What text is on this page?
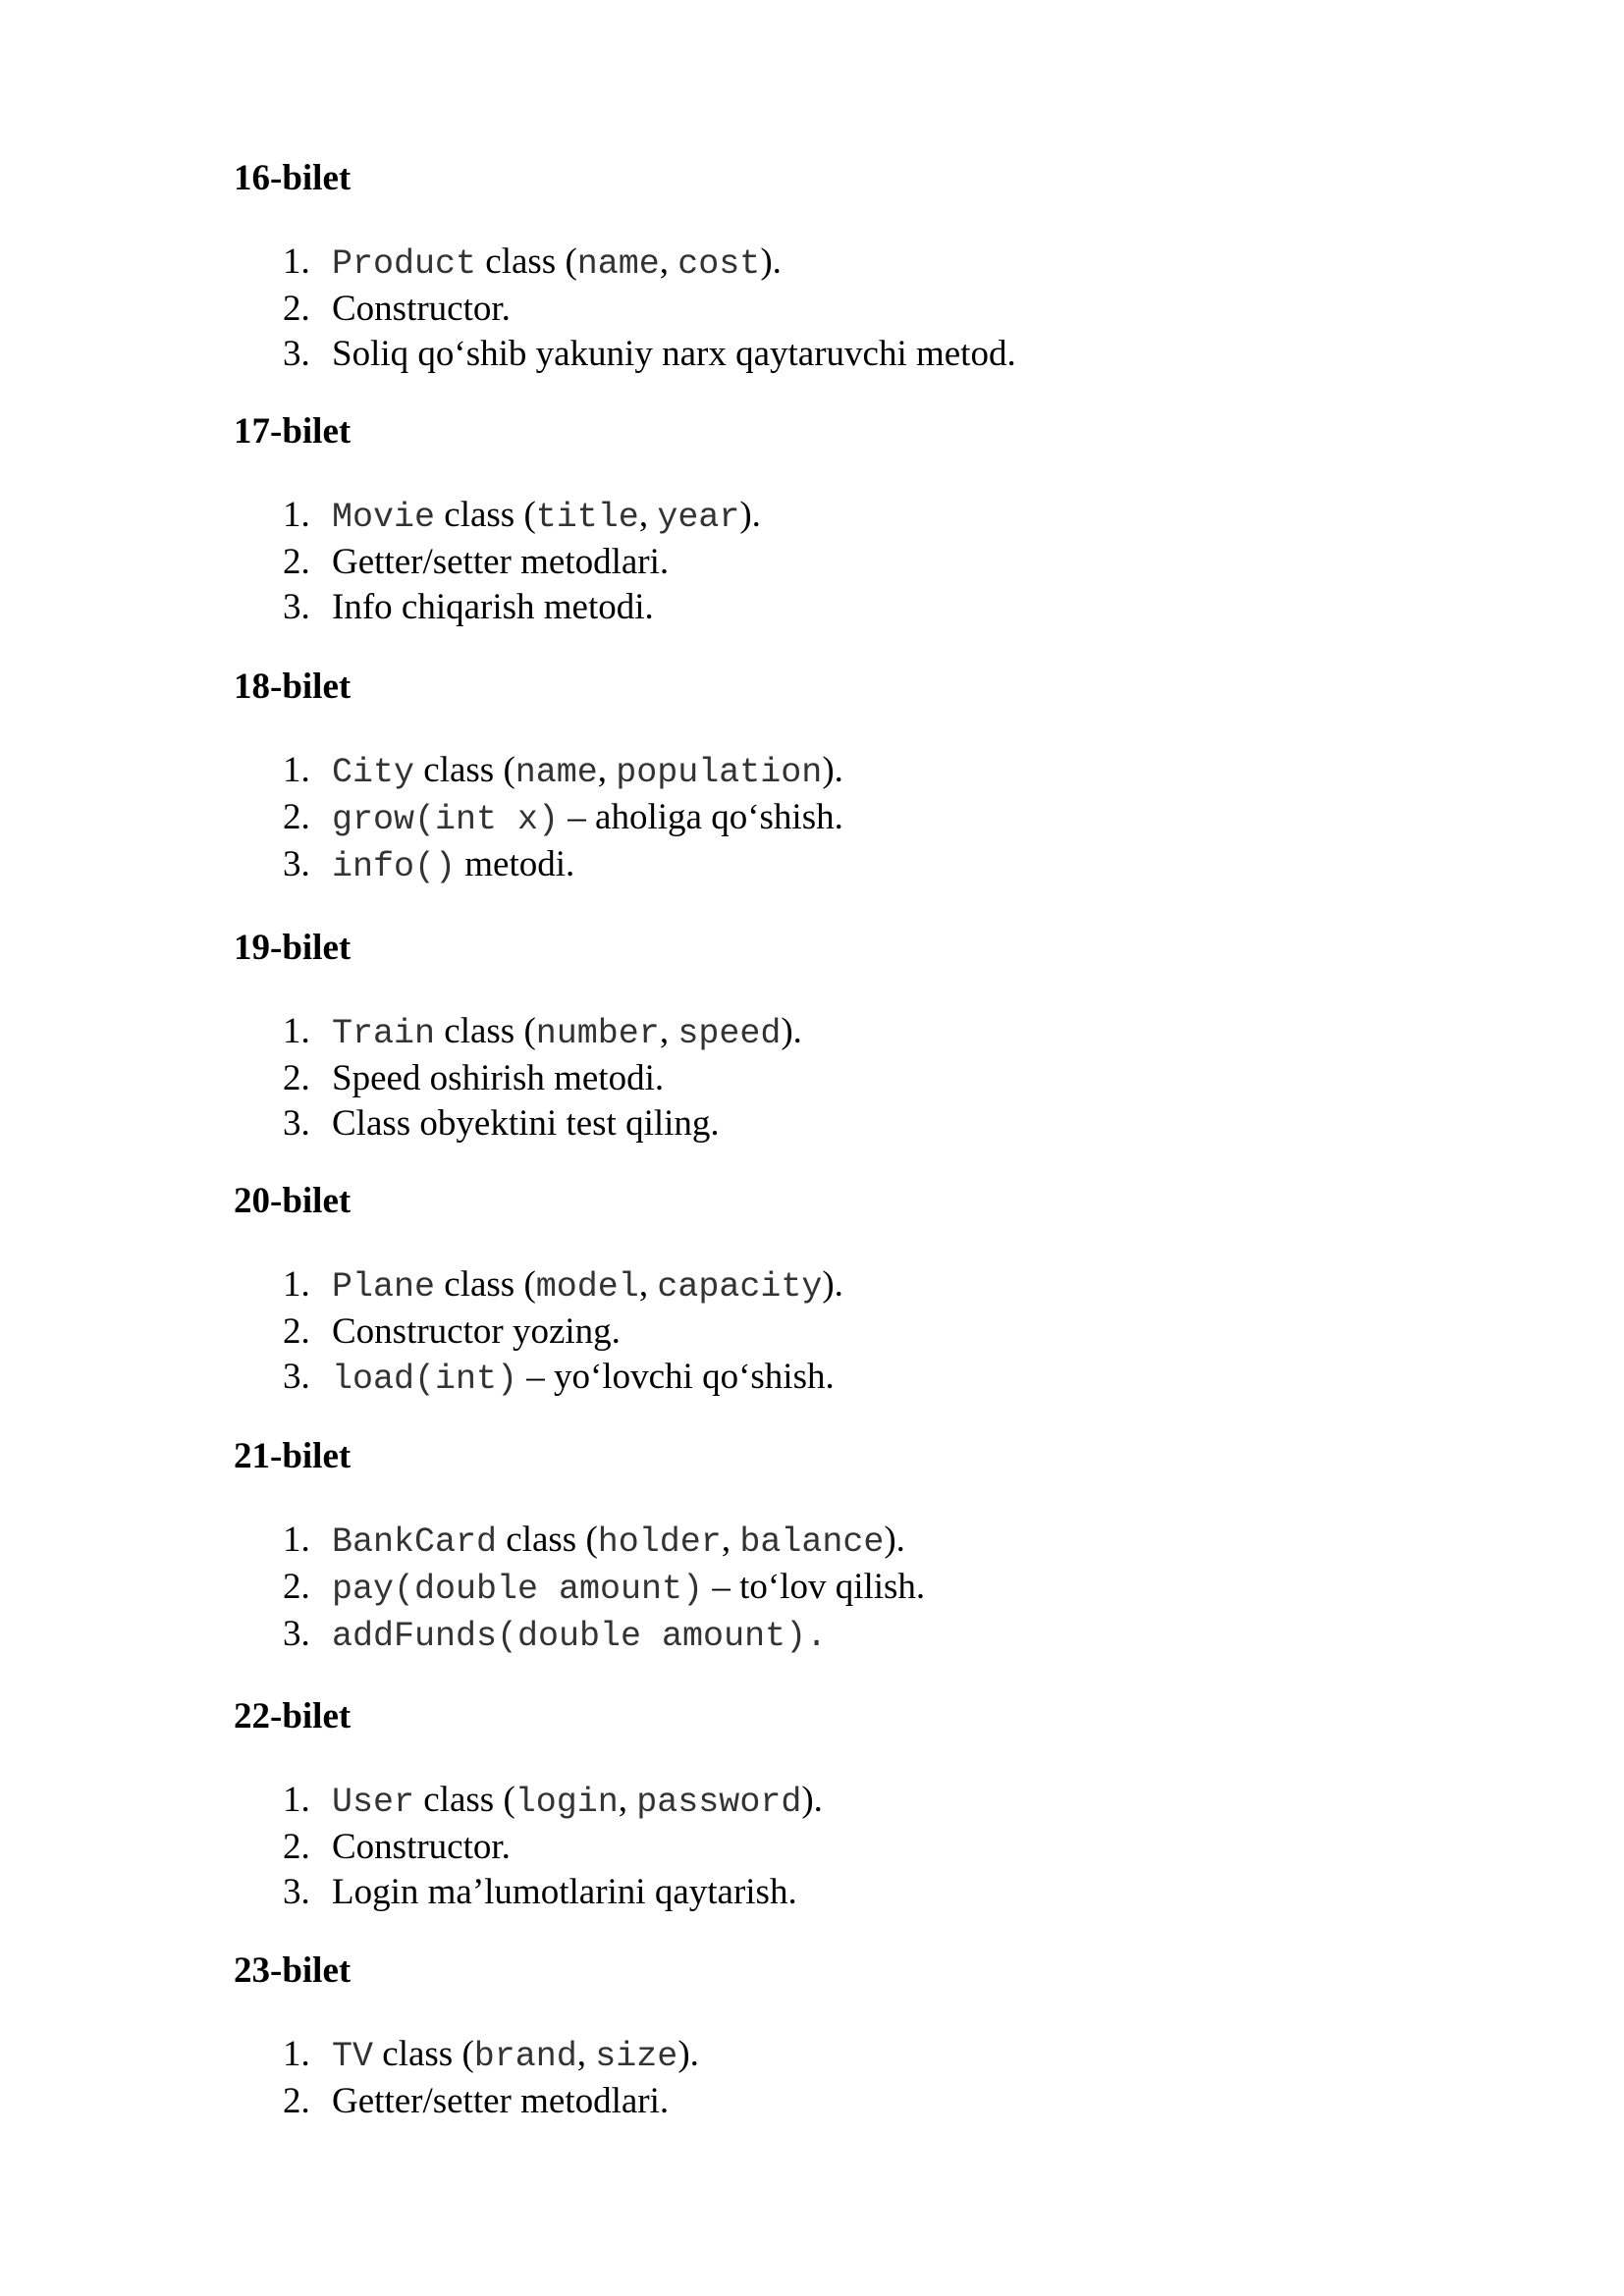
16-bilet
1. Product class (name, cost).
2. Constructor.
3. Soliq qo‘shib yakuniy narx qaytaruvchi metod.
17-bilet
1. Movie class (title, year).
2. Getter/setter metodlari.
3. Info chiqarish metodi.
18-bilet
1. City class (name, population).
2. grow(int x) – aholiga qo‘shish.
3. info() metodi.
19-bilet
1. Train class (number, speed).
2. Speed oshirish metodi.
3. Class obyektini test qiling.
20-bilet
1. Plane class (model, capacity).
2. Constructor yozing.
3. load(int) – yo‘lovchi qo‘shish.
21-bilet
1. BankCard class (holder, balance).
2. pay(double amount) – to‘lov qilish.
3. addFunds(double amount).
22-bilet
1. User class (login, password).
2. Constructor.
3. Login ma’lumotlarini qaytarish.
23-bilet
1. TV class (brand, size).
2. Getter/setter metodlari.
